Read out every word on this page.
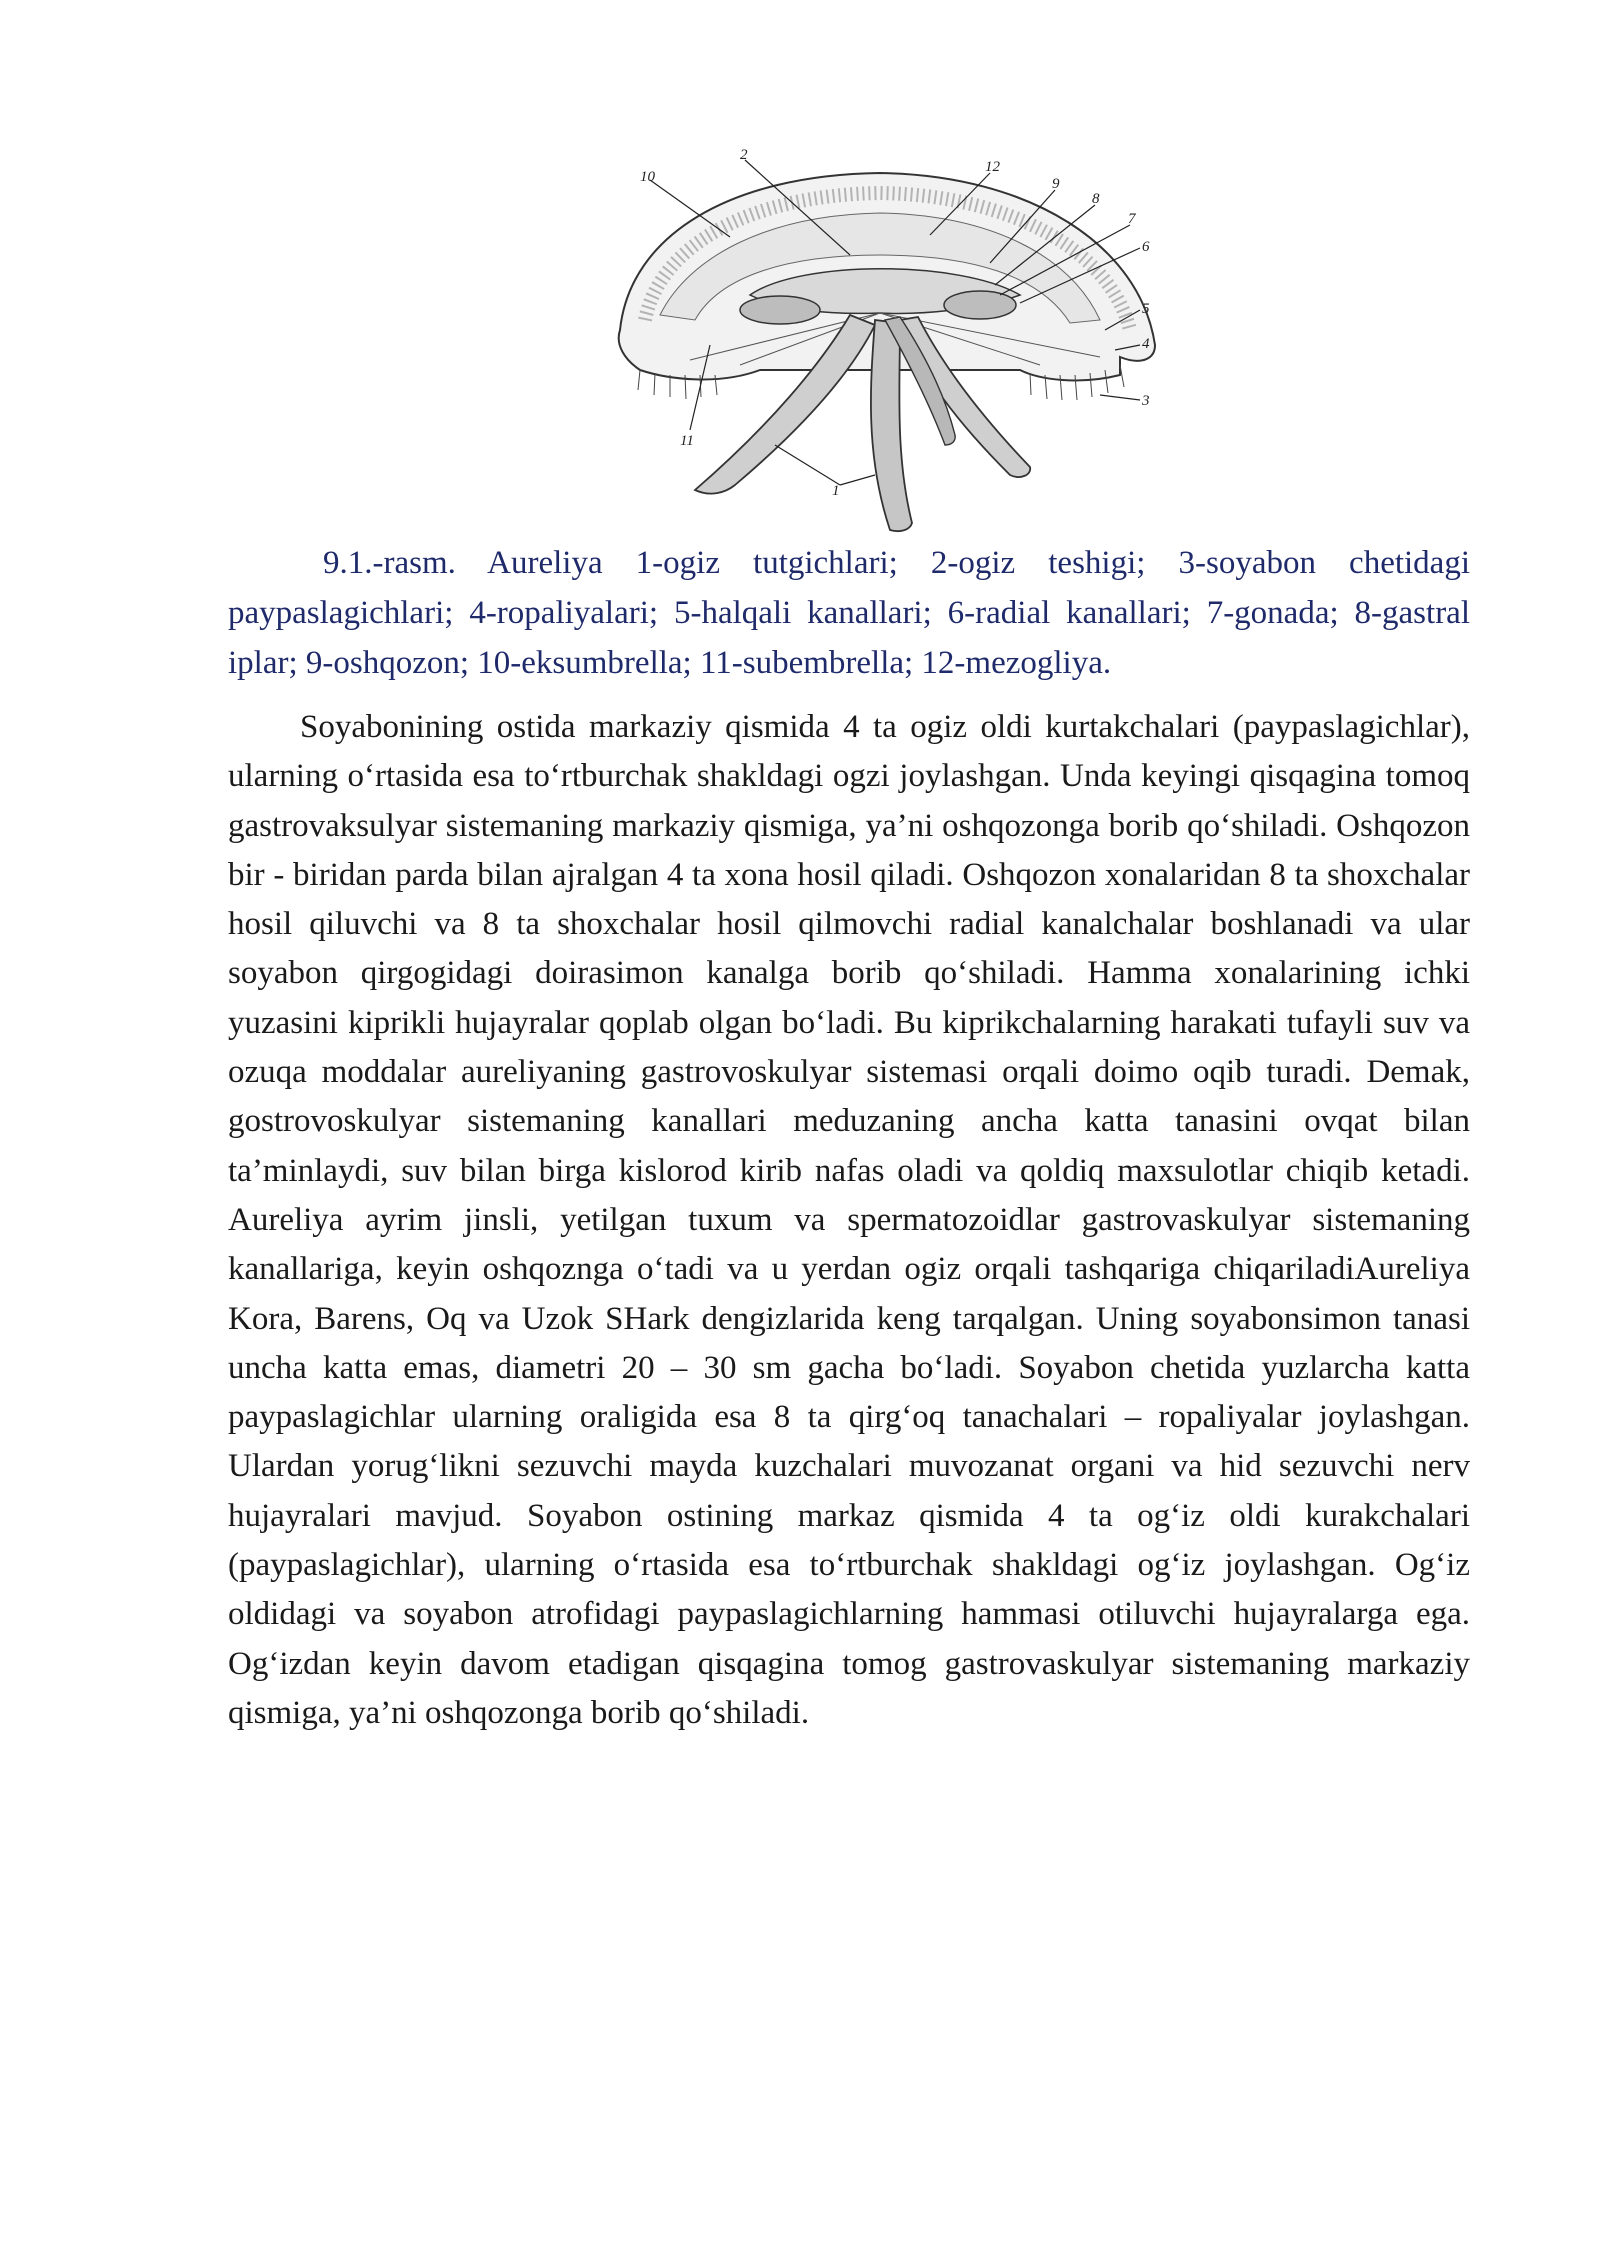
10
2
12
9
8
7
6
5
4
3
11
1

9.1.-rasm. Aureliya 1-ogiz tutgichlari; 2-ogiz teshigi; 3-soyabon chetidagi paypaslagichlari; 4-ropaliyalari; 5-halqali kanallari; 6-radial kanallari; 7-gonada; 8-gastral iplar; 9-oshqozon; 10-eksumbrella; 11-subembrella; 12-mezogliya.

Soyabonining ostida markaziy qismida 4 ta ogiz oldi kurtakchalari (paypaslagichlar), ularning o‘rtasida esa to‘rtburchak shakldagi ogzi joylashgan. Unda keyingi qisqagina tomoq gastrovaksulyar sistemaning markaziy qismiga, ya’ni oshqozonga borib qo‘shiladi. Oshqozon bir - biridan parda bilan ajralgan 4 ta xona hosil qiladi. Oshqozon xonalaridan 8 ta shoxchalar hosil qiluvchi va 8 ta shoxchalar hosil qilmovchi radial kanalchalar boshlanadi va ular soyabon qirgogidagi doirasimon kanalga borib qo‘shiladi. Hamma xonalarining ichki yuzasini kiprikli hujayralar qoplab olgan bo‘ladi. Bu kiprikchalarning harakati tufayli suv va ozuqa moddalar aureliyaning gastrovoskulyar sistemasi orqali doimo oqib turadi. Demak, gostrovoskulyar sistemaning kanallari meduzaning ancha katta tanasini ovqat bilan ta’minlaydi, suv bilan birga kislorod kirib nafas oladi va qoldiq maxsulotlar chiqib ketadi. Aureliya ayrim jinsli, yetilgan tuxum va spermatozoidlar gastrovaskulyar sistemaning kanallariga, keyin oshqozngа o‘tadi va u yerdan ogiz orqali tashqariga chiqariladiAureliya Kora, Barens, Oq va Uzok SHark dengizlarida keng tarqalgan. Uning soyabonsimon tanasi uncha katta emas, diametri 20 – 30 sm gacha bo‘ladi. Soyabon chetida yuzlarcha katta paypaslagichlar ularning oraligida esa 8 ta qirg‘oq tanachalari – ropaliyalar joylashgan. Ulardan yorug‘likni sezuvchi mayda kuzchalari muvozanat organi va hid sezuvchi nerv hujayralari mavjud. Soyabon ostining markaz qismida 4 ta og‘iz oldi kurakchalari (paypaslagichlar), ularning o‘rtasida esa to‘rtburchak shakldagi og‘iz joylashgan. Og‘iz oldidagi va soyabon atrofidagi paypaslagichlarning hammasi otiluvchi hujayralarga ega. Og‘izdan keyin davom etadigan qisqagina tomog gastrovaskulyar sistemaning markaziy qismiga, ya’ni oshqozonga borib qo‘shiladi.
